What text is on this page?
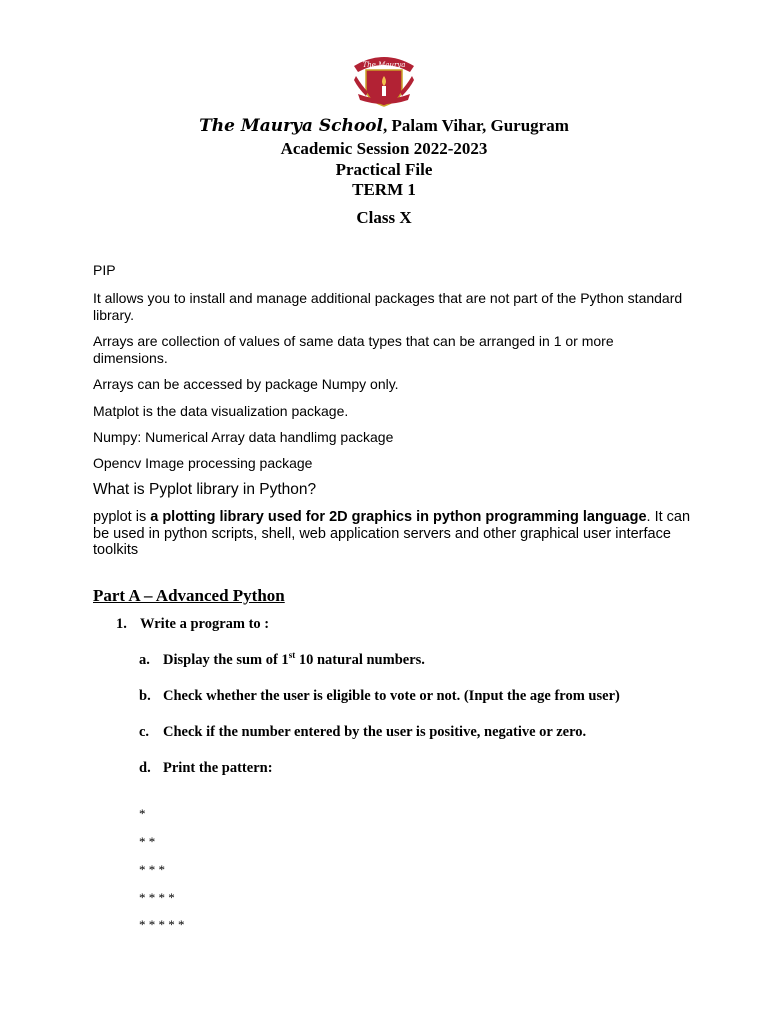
The Maurya
The Maurya School, Palam Vihar, Gurugram
Academic Session 2022-2023
Practical File
TERM 1
Class X
PIP
It allows you to install and manage additional packages that are not part of the Python standard library.
Arrays are collection of values of same data types that can be arranged in 1 or more dimensions.
Arrays can be accessed by package Numpy only.
Matplot is the data visualization package.
Numpy: Numerical Array data handlimg package
Opencv Image processing package
What is Pyplot library in Python?
pyplot is a plotting library used for 2D graphics in python programming language. It can be used in python scripts, shell, web application servers and other graphical user interface toolkits
Part A – Advanced Python
1. Write a program to :
a. Display the sum of 1st 10 natural numbers.
b. Check whether the user is eligible to vote or not. (Input the age from user)
c. Check if the number entered by the user is positive, negative or zero.
d. Print the pattern:
*
* *
* * *
* * * *
* * * * *
